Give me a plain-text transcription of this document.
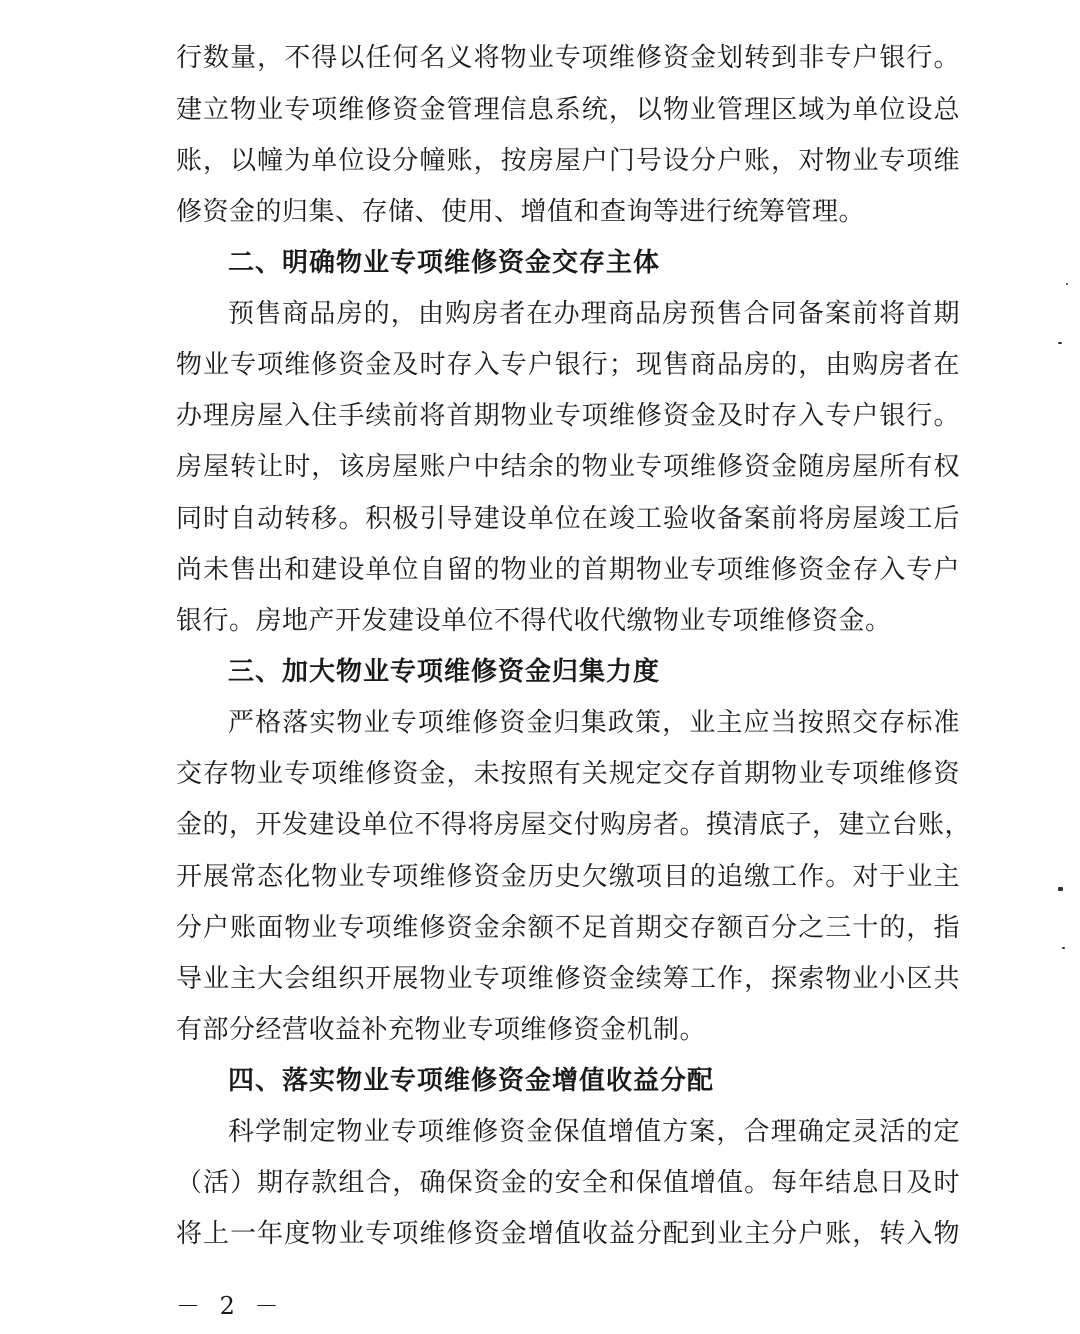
行数量，不得以任何名义将物业专项维修资金划转到非专户银行。
建立物业专项维修资金管理信息系统，以物业管理区域为单位设总
账，以幢为单位设分幢账，按房屋户门号设分户账，对物业专项维
修资金的归集、存储、使用、增值和查询等进行统筹管理。
二、明确物业专项维修资金交存主体
预售商品房的，由购房者在办理商品房预售合同备案前将首期
物业专项维修资金及时存入专户银行；现售商品房的，由购房者在
办理房屋入住手续前将首期物业专项维修资金及时存入专户银行。
房屋转让时，该房屋账户中结余的物业专项维修资金随房屋所有权
同时自动转移。积极引导建设单位在竣工验收备案前将房屋竣工后
尚未售出和建设单位自留的物业的首期物业专项维修资金存入专户
银行。房地产开发建设单位不得代收代缴物业专项维修资金。
三、加大物业专项维修资金归集力度
严格落实物业专项维修资金归集政策，业主应当按照交存标准
交存物业专项维修资金，未按照有关规定交存首期物业专项维修资
金的，开发建设单位不得将房屋交付购房者。摸清底子，建立台账，
开展常态化物业专项维修资金历史欠缴项目的追缴工作。对于业主
分户账面物业专项维修资金余额不足首期交存额百分之三十的，指
导业主大会组织开展物业专项维修资金续筹工作，探索物业小区共
有部分经营收益补充物业专项维修资金机制。
四、落实物业专项维修资金增值收益分配
科学制定物业专项维修资金保值增值方案，合理确定灵活的定
（活）期存款组合，确保资金的安全和保值增值。每年结息日及时
将上一年度物业专项维修资金增值收益分配到业主分户账，转入物
－ 2 －
